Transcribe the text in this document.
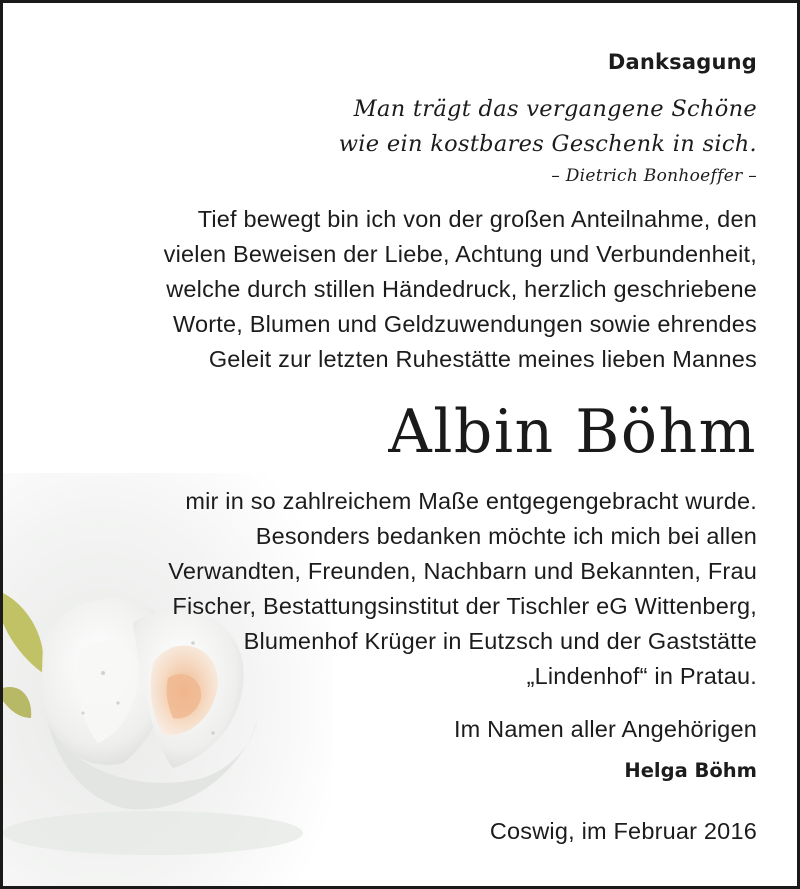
Danksagung
Man trägt das vergangene Schöne
wie ein kostbares Geschenk in sich.
– Dietrich Bonhoeffer –
Tief bewegt bin ich von der großen Anteilnahme, den
vielen Beweisen der Liebe, Achtung und Verbundenheit,
welche durch stillen Händedruck, herzlich geschriebene
Worte, Blumen und Geldzuwendungen sowie ehrendes
Geleit zur letzten Ruhestätte meines lieben Mannes
Albin Böhm
mir in so zahlreichem Maße entgegengebracht wurde.
Besonders bedanken möchte ich mich bei allen
Verwandten, Freunden, Nachbarn und Bekannten, Frau
Fischer, Bestattungsinstitut der Tischler eG Wittenberg,
Blumenhof Krüger in Eutzsch und der Gaststätte
„Lindenhof“ in Pratau.
Im Namen aller Angehörigen
Helga Böhm
Coswig, im Februar 2016
